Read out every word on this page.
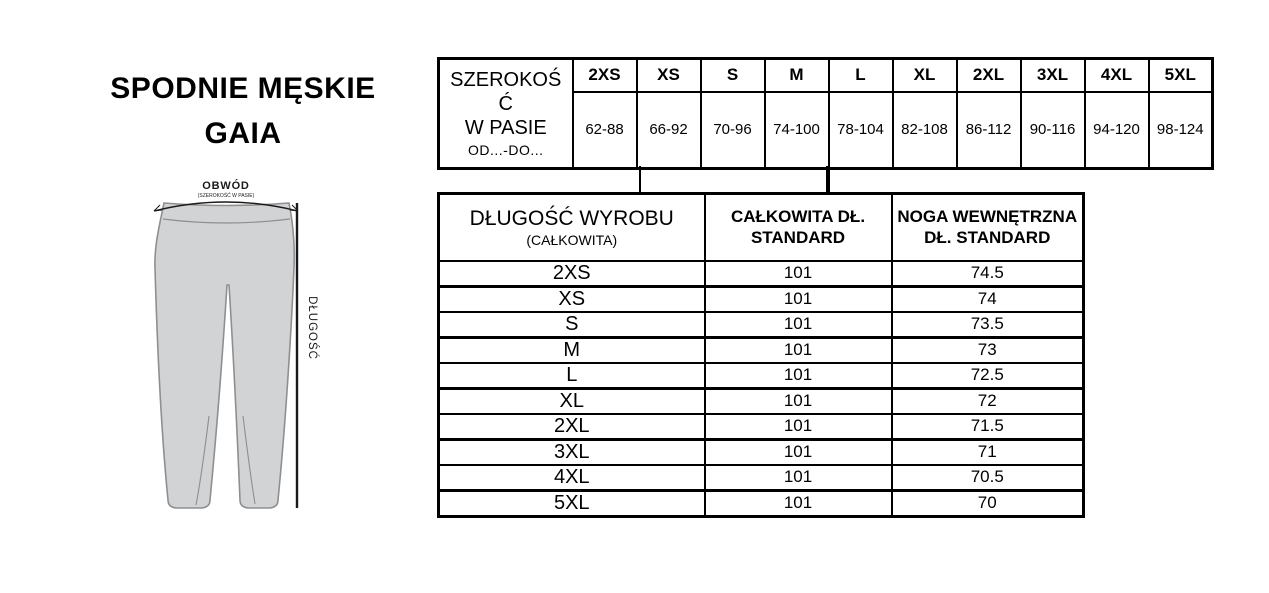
SPODNIE MĘSKIE
GAIA
OBWÓD
(SZEROKOŚĆ W PASIE)
DŁUGOŚĆ
SZEROKOŚĆ
W PASIE
OD...-DO...	2XS	XS	S	M	L	XL	2XL	3XL	4XL	5XL
	62-88	66-92	70-96	74-100	78-104	82-108	86-112	90-116	94-120	98-124
DŁUGOŚĆ WYROBU
(CAŁKOWITA)	CAŁKOWITA DŁ. STANDARD	NOGA WEWNĘTRZNA DŁ. STANDARD
2XS	101	74.5
XS	101	74
S	101	73.5
M	101	73
L	101	72.5
XL	101	72
2XL	101	71.5
3XL	101	71
4XL	101	70.5
5XL	101	70
